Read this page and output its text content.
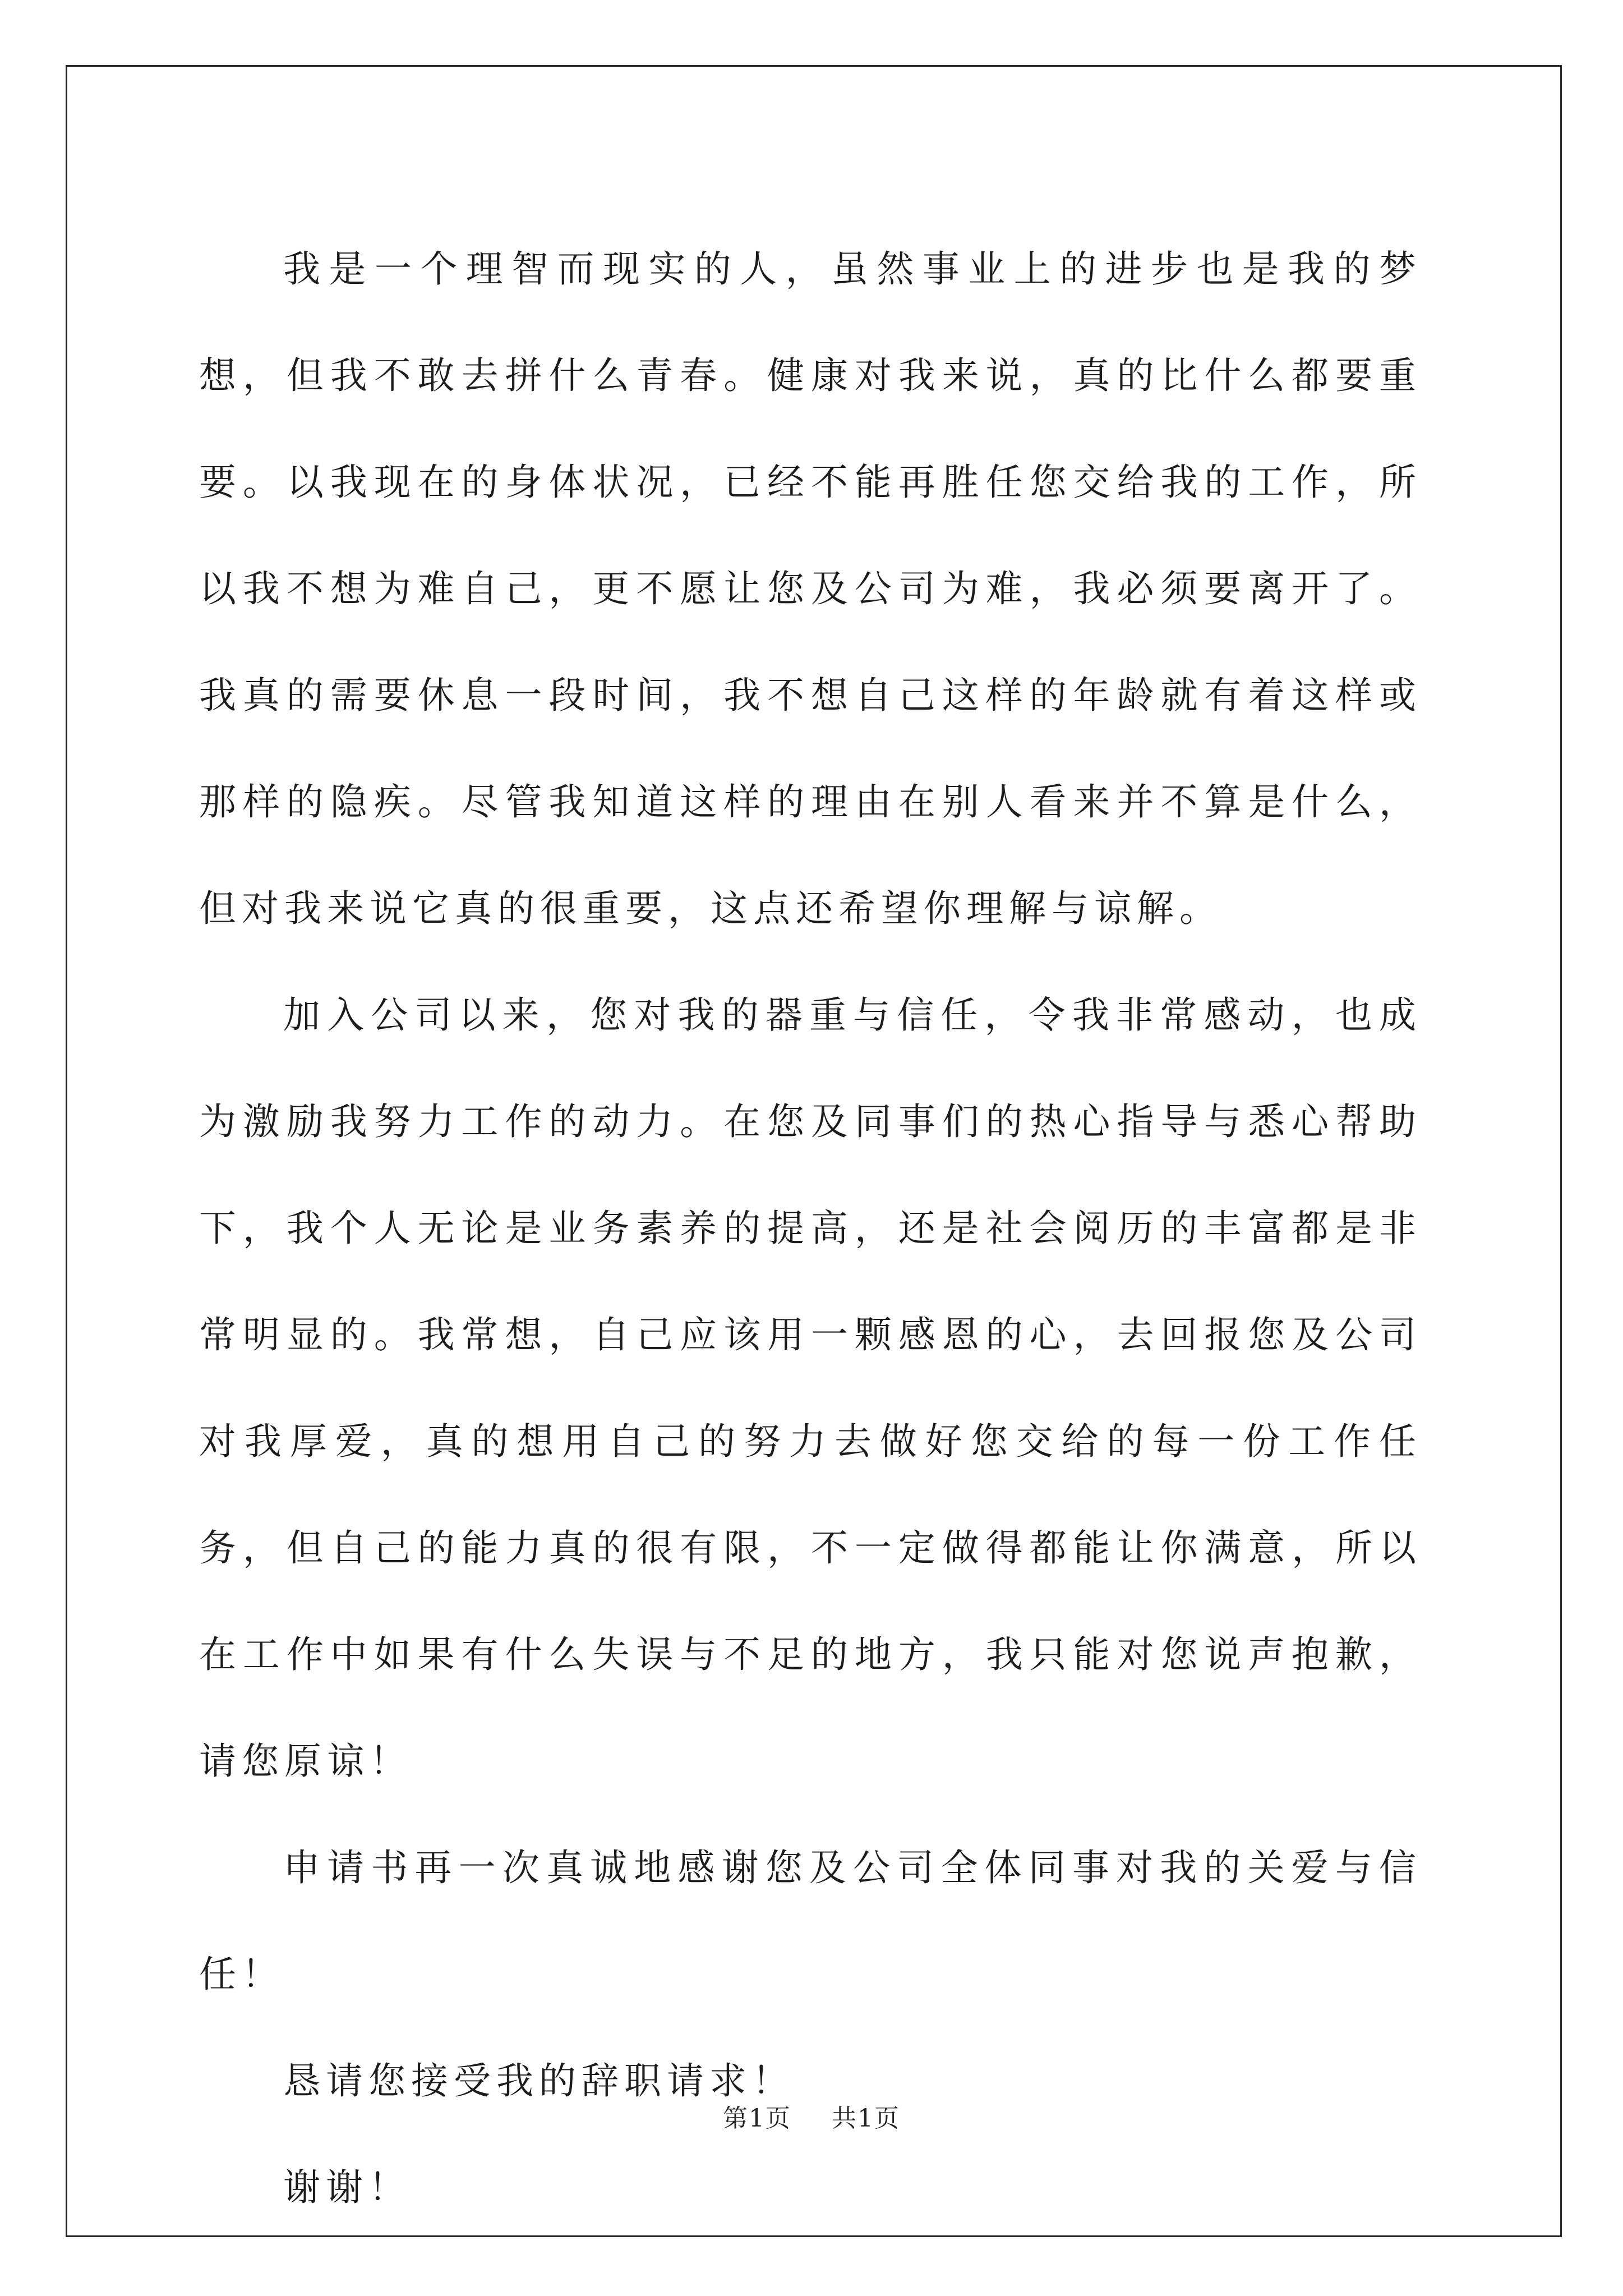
我是一个理智而现实的人，虽然事业上的进步也是我的梦想，但我不敢去拼什么青春。健康对我来说，真的比什么都要重要。以我现在的身体状况，已经不能再胜任您交给我的工作，所以我不想为难自己，更不愿让您及公司为难，我必须要离开了。我真的需要休息一段时间，我不想自己这样的年龄就有着这样或那样的隐疾。尽管我知道这样的理由在别人看来并不算是什么，但对我来说它真的很重要，这点还希望你理解与谅解。

加入公司以来，您对我的器重与信任，令我非常感动，也成为激励我努力工作的动力。在您及同事们的热心指导与悉心帮助下，我个人无论是业务素养的提高，还是社会阅历的丰富都是非常明显的。我常想，自己应该用一颗感恩的心，去回报您及公司对我厚爱，真的想用自己的努力去做好您交给的每一份工作任务，但自己的能力真的很有限，不一定做得都能让你满意，所以在工作中如果有什么失误与不足的地方，我只能对您说声抱歉，请您原谅！

申请书再一次真诚地感谢您及公司全体同事对我的关爱与信任！

恳请您接受我的辞职请求！

谢谢！

第1页 共1页
